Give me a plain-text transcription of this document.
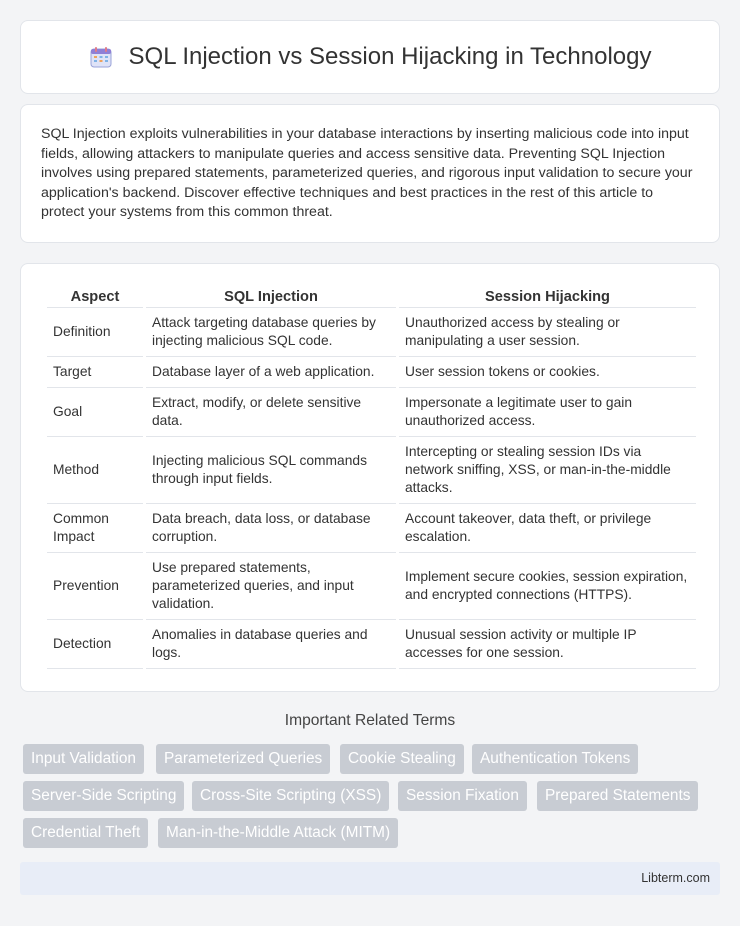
SQL Injection vs Session Hijacking in Technology

SQL Injection exploits vulnerabilities in your database interactions by inserting malicious code into input fields, allowing attackers to manipulate queries and access sensitive data. Preventing SQL Injection involves using prepared statements, parameterized queries, and rigorous input validation to secure your application's backend. Discover effective techniques and best practices in the rest of this article to protect your systems from this common threat.

Aspect	SQL Injection	Session Hijacking
Definition	Attack targeting database queries by injecting malicious SQL code.	Unauthorized access by stealing or manipulating a user session.
Target	Database layer of a web application.	User session tokens or cookies.
Goal	Extract, modify, or delete sensitive data.	Impersonate a legitimate user to gain unauthorized access.
Method	Injecting malicious SQL commands through input fields.	Intercepting or stealing session IDs via network sniffing, XSS, or man-in-the-middle attacks.
Common Impact	Data breach, data loss, or database corruption.	Account takeover, data theft, or privilege escalation.
Prevention	Use prepared statements, parameterized queries, and input validation.	Implement secure cookies, session expiration, and encrypted connections (HTTPS).
Detection	Anomalies in database queries and logs.	Unusual session activity or multiple IP accesses for one session.
Important Related Terms
Input Validation	Parameterized Queries	Cookie Stealing	Authentication Tokens
Server-Side Scripting	Cross-Site Scripting (XSS)	Session Fixation	Prepared Statements
Credential Theft	Man-in-the-Middle Attack (MITM)
Libterm.com
